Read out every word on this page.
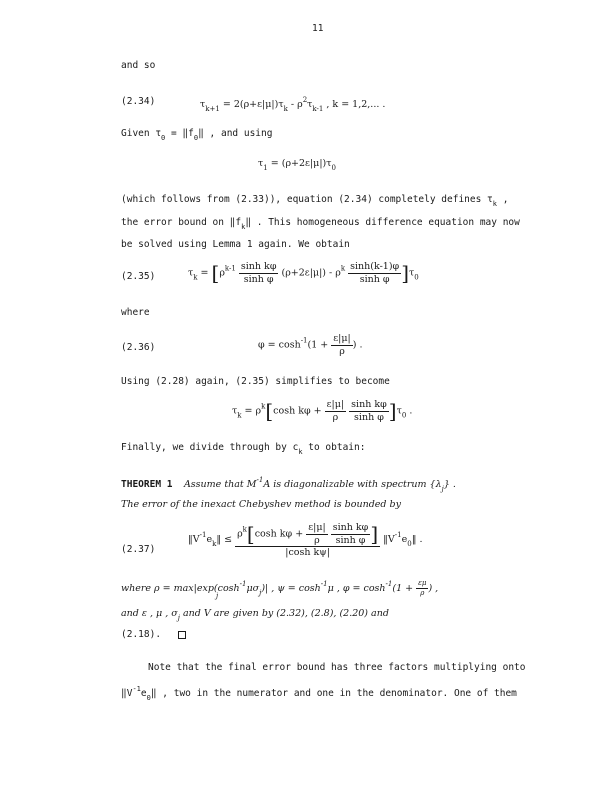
11
and so
(2.34)	$\tau_{k+1} = 2(\rho+\varepsilon|\mu|)\tau_k - \rho^2\tau_{k-1}$ , k = 1,2,... .
Given $\tau_0$ = $‖f_0‖$ , and using
$\tau_1 = (\rho+2\varepsilon|\mu|)\tau_0$
(which follows from (2.33)), equation (2.34) completely defines $\tau_k$ ,
the error bound on $‖f_k‖$ . This homogeneous difference equation may now
be solved using Lemma 1 again. We obtain
(2.35)	$\tau_k = [\rho^{k-1} \frac{\text{sinh kφ}}{\text{sinh φ}} (\rho+2\varepsilon|\mu|) - \rho^k \frac{\sinh(k-1)\varphi}{\text{sinh φ}} ]\tau_0$
where
(2.36)	$\varphi = \cosh^{-1}(1 + \frac{\varepsilon|\mu|}{\rho}$ ) .
Using (2.28) again, (2.35) simplifies to become
$\tau_k = \rho^k[\cosh$ $k\varphi + \frac{\varepsilon|\mu|}{\rho}$
$\frac{\text{sinh kφ}}{\text{sinh φ}} ]\tau_0$ .
Finally, we divide through by $c_k$ to obtain:
THEOREM 1 Assume that $M^{-1}A$ is diagonalizable with spectrum $\{\lambda_j\}$ .
The error of the inexact Chebyshev method is bounded by
(2.37)
$‖V^{-1}e_k‖ \le \rho^k[\cosh$ $k\varphi + \frac{\varepsilon|\mu|}{\rho}$
$\frac{\text{sinh kφ}}{\text{sinh φ}}$ ]
|cosh kψ| $‖V^{-1}e_0‖$ .
where $\rho = \max|\exp(\cosh^{-1}\mu\sigma_j)|$ , $\psi = \cosh^{-1}\mu$ , $\varphi = \cosh^{-1}(1 + \frac{\varepsilon\mu}{\rho}$ ) ,
j
and ε , μ , $\sigma_j$ and V are given by (2.32), (2.8), (2.20) and
(2.18).
Note that the final error bound has three factors multiplying onto
$‖V^{-1}e_0‖$ , two in the numerator and one in the denominator. One of them
